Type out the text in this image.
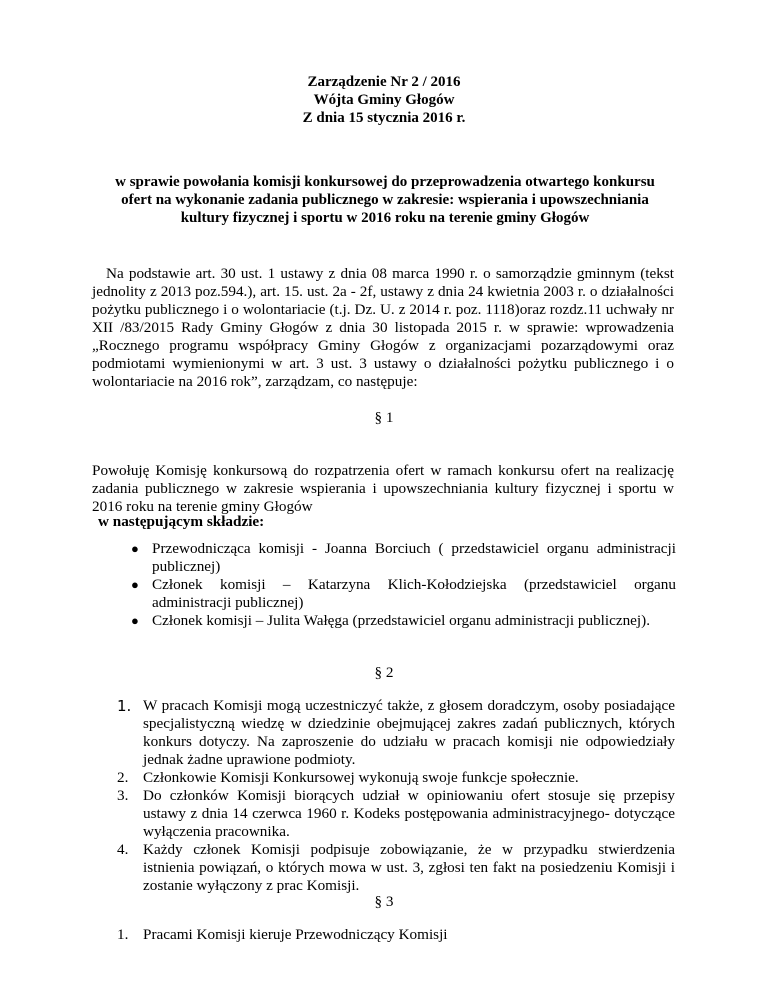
Zarządzenie Nr 2 / 2016
Wójta Gminy Głogów
Z dnia 15 stycznia 2016 r.
w sprawie powołania komisji konkursowej do przeprowadzenia otwartego konkursu
ofert na wykonanie zadania publicznego w zakresie: wspierania i upowszechniania
kultury fizycznej i sportu w 2016 roku na terenie gminy Głogów
Na podstawie art. 30 ust. 1 ustawy z dnia 08 marca 1990 r. o samorządzie gminnym (tekst jednolity z 2013 poz.594.), art. 15. ust. 2a - 2f, ustawy z dnia 24 kwietnia 2003 r. o działalności pożytku publicznego i o wolontariacie (t.j. Dz. U. z 2014 r. poz. 1118)oraz rozdz.11 uchwały nr XII /83/2015 Rady Gminy Głogów z dnia 30 listopada 2015 r. w sprawie: wprowadzenia „Rocznego programu współpracy Gminy Głogów z organizacjami pozarządowymi oraz podmiotami wymienionymi w art. 3 ust. 3 ustawy o działalności pożytku publicznego i o wolontariacie na 2016 rok”, zarządzam, co następuje:
§ 1
Powołuję Komisję konkursową do rozpatrzenia ofert w ramach konkursu ofert na realizację zadania publicznego w zakresie wspierania i upowszechniania kultury fizycznej i sportu w 2016 roku na terenie gminy Głogów
w następującym składzie:
● Przewodnicząca komisji - Joanna Borciuch ( przedstawiciel organu administracji publicznej)
● Członek komisji – Katarzyna Klich-Kołodziejska (przedstawiciel organu administracji publicznej)
● Członek komisji – Julita Wałęga (przedstawiciel organu administracji publicznej).
§ 2
1. W pracach Komisji mogą uczestniczyć także, z głosem doradczym, osoby posiadające specjalistyczną wiedzę w dziedzinie obejmującej zakres zadań publicznych, których konkurs dotyczy. Na zaproszenie do udziału w pracach komisji nie odpowiedziały jednak żadne uprawione podmioty.
2. Członkowie Komisji Konkursowej wykonują swoje funkcje społecznie.
3. Do członków Komisji biorących udział w opiniowaniu ofert stosuje się przepisy ustawy z dnia 14 czerwca 1960 r. Kodeks postępowania administracyjnego- dotyczące wyłączenia pracownika.
4. Każdy członek Komisji podpisuje zobowiązanie, że w przypadku stwierdzenia istnienia powiązań, o których mowa w ust. 3, zgłosi ten fakt na posiedzeniu Komisji i zostanie wyłączony z prac Komisji.
§ 3
1. Pracami Komisji kieruje Przewodniczący Komisji
